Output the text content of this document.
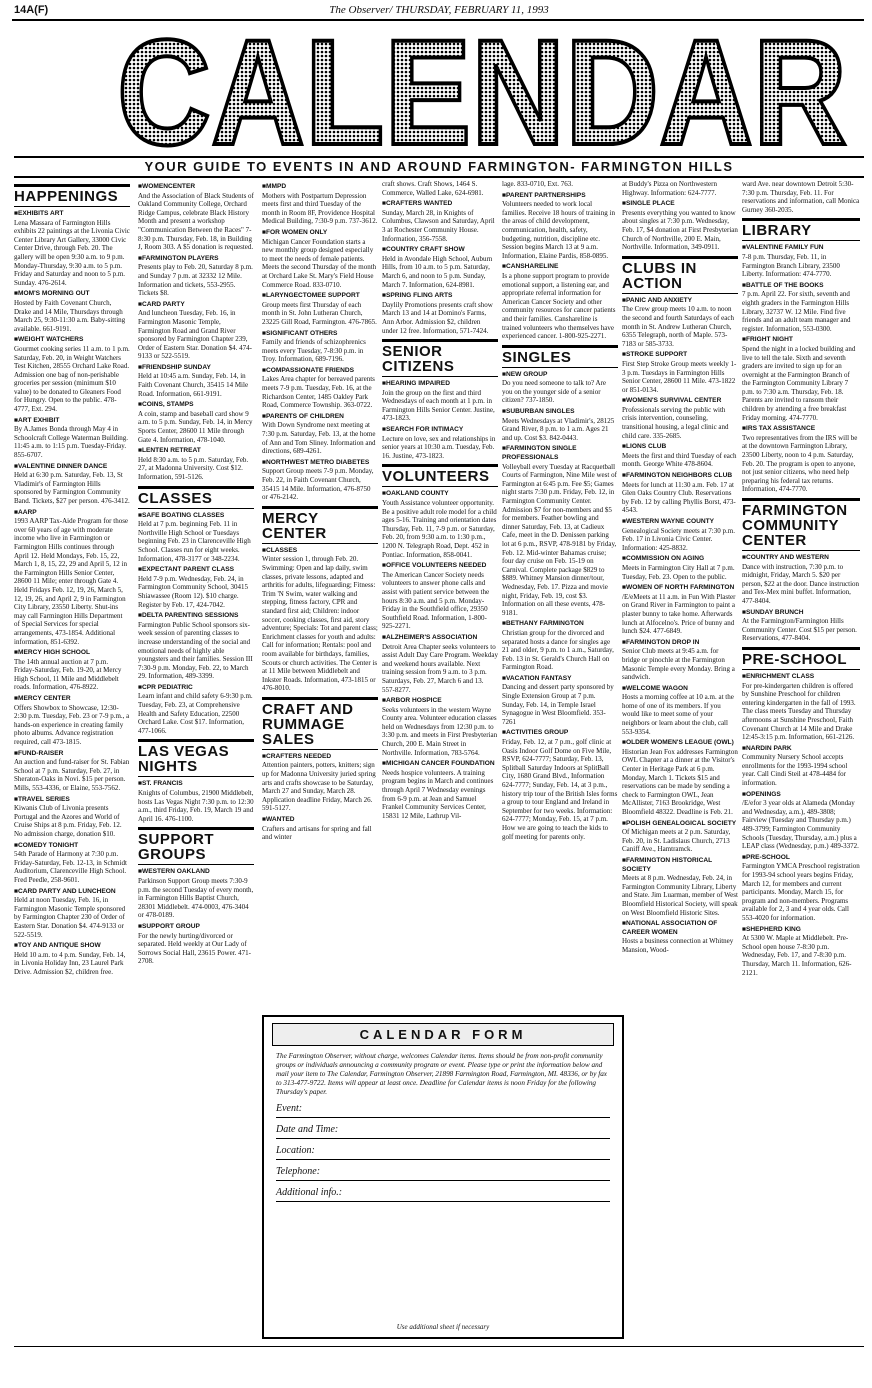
14A(F)	The Observer/ THURSDAY, FEBRUARY 11, 1993
CALENDAR
YOUR GUIDE TO EVENTS IN AND AROUND FARMINGTON- FARMINGTON HILLS
HAPPENINGS

■ EXHIBITS ART
Lena Massara of Farmington Hills exhibits 22 paintings at the Livonia Civic Center Library Art Gallery, 33000 Civic Center Drive, through Feb. 20. The gallery will be open 9:30 a.m. to 9 p.m. Monday-Thursday, 9:30 a.m. to 5 p.m. Friday and Saturday and noon to 5 p.m. Sunday. 476-2614.

■ MOM'S MORNING OUT
Hosted by Faith Covenant Church, Drake and 14 Mile, Thursdays through March 25, 9:30-11:30 a.m. Baby-sitting available. 661-9191.

■ WEIGHT WATCHERS
Gourmet cooking series 11 a.m. to 1 p.m. Saturday, Feb. 20, in Weight Watchers Test Kitchen, 28555 Orchard Lake Road. Admission one bag of non-perishable groceries per session (minimum $10 value) to be donated to Gleaners Food for Hungry. Open to the public. 478-4777, Ext. 294.

■ ART EXHIBIT
By A.James Bonda through May 4 in Schoolcraft College Waterman Building. 11:45 a.m. to 1:15 p.m. Tuesday-Friday. 855-6707.

■ VALENTINE DINNER DANCE
Held at 6:30 p.m. Saturday, Feb. 13, St Vladimir's of Farmington Hills sponsored by Farmington Community Band. Tickets, $27 per person. 476-3412.

■ AARP
1993 AARP Tax-Aide Program for those over 60 years of age with moderate income who live in Farmington or Farmington Hills continues through April 12. Held Mondays, Feb. 15, 22, March 1, 8, 15, 22, 29 and April 5, 12 in the Farmington Hills Senior Center, 28600 11 Mile; enter through Gate 4. Held Fridays Feb. 12, 19, 26, March 5, 12, 19, 26, and April 2, 9 in Farmington City Library, 23550 Liberty. Shut-ins may call Farmington Hills Department of Special Services for special arrangements, 473-1854. Additional information, 851-6392.

■ MERCY HIGH SCHOOL
The 14th annual auction at 7 p.m. Friday-Saturday, Feb. 19-20, at Mercy High School, 11 Mile and Middlebelt roads. Information, 476-8922.

■ MERCY CENTER
Offers Showbox to Showcase, 12:30-2:30 p.m. Tuesday, Feb. 23 or 7-9 p.m., a hands-on experience in creating family photo albums. Advance registration required, call 473-1815.

■ FUND-RAISER
An auction and fund-raiser for St. Fabian School at 7 p.m. Saturday, Feb. 27, in Sheraton-Oaks in Novi. $15 per person. Mills, 553-4336, or Elaine, 553-7562.

■ TRAVEL SERIES
Kiwanis Club of Livonia presents Portugal and the Azores and World of Cruise Ships at 8 p.m. Friday, Feb. 12. No admission charge, donation $10.

■ COMEDY TONIGHT
54th Parade of Harmony at 7:30 p.m. Friday-Saturday, Feb. 12-13, in Schmidt Auditorium, Clarenceville High School. Fred Peedle, 258-9601.

■ CARD PARTY AND LUNCHEON
Held at noon Tuesday, Feb. 16, in Farmington Masonic Temple sponsored by Farmington Chapter 230 of Order of Eastern Star. Donation $4. 474-9133 or 522-5519.

■ TOY AND ANTIQUE SHOW
Held 10 a.m. to 4 p.m. Sunday, Feb. 14, in Livonia Holiday Inn, 23 Laurel Park Drive. Admission $2, children free.

■ WOMENCENTER
And the Association of Black Students of Oakland Community College, Orchard Ridge Campus, celebrate Black History Month and present a workshop "Communication Between the Races" 7-8:30 p.m. Thursday, Feb. 18, in Building J, Room 303. A $5 donation is requested.

■ FARMINGTON PLAYERS
Presents play to Feb. 20, Saturday 8 p.m. and Sunday 7 p.m. at 32332 12 Mile. Information and tickets, 553-2955. Tickets $8.

■ CARD PARTY
And luncheon Tuesday, Feb. 16, in Farmington Masonic Temple, Farmington Road and Grand River sponsored by Farmington Chapter 239, Order of Eastern Star. Donation $4. 474-9133 or 522-5519.

■ FRIENDSHIP SUNDAY
Held at 10:45 a.m. Sunday, Feb. 14, in Faith Covenant Church, 35415 14 Mile Road. Information, 661-9191.

■ COINS, STAMPS
A coin, stamp and baseball card show 9 a.m. to 5 p.m. Sunday, Feb. 14, in Mercy Sports Center, 28600 11 Mile through Gate 4. Information, 478-1040.

■ LENTEN RETREAT
Held 8:30 a.m. to 5 p.m. Saturday, Feb. 27, at Madonna University. Cost $12. Information, 591-5126.

CLASSES

■ SAFE BOATING CLASSES
Held at 7 p.m. beginning Feb. 11 in Northville High School or Tuesdays beginning Feb. 23 in Clarenceville High School. Classes run for eight weeks. Information, 478-3177 or 348-2234.

■ EXPECTANT PARENT CLASS
Held 7-9 p.m. Wednesday, Feb. 24, in Farmington Community School, 30415 Shiawassee (Room 12). $10 charge. Register by Feb. 17, 424-7042.

■ DELTA PARENTING SESSIONS
Farmington Public School sponsors six-week session of parenting classes to increase understanding of the social and emotional needs of highly able youngsters and their families. Session III 7:30-9 p.m. Monday, Feb. 22, to March 29. Information, 489-3399.

■ CPR PEDIATRIC
Learn infant and child safety 6-9:30 p.m. Tuesday, Feb. 23, at Comprehensive Health and Safety Education, 22500 Orchard Lake. Cost $17. Information, 477-1066.

LAS VEGAS NIGHTS

■ ST. FRANCIS
Knights of Columbus, 21900 Middlebelt, hosts Las Vegas Night 7:30 p.m. to 12:30 a.m., third Friday, Feb. 19, March 19 and April 16. 476-1100.

SUPPORT GROUPS

■ WESTERN OAKLAND
Parkinson Support Group meets 7:30-9 p.m. the second Tuesday of every month, in Farmington Hills Baptist Church, 28301 Middlebelt. 474-0003, 476-3404 or 478-0189.

■ SUPPORT GROUP
For the newly hurting/divorced or separated. Held weekly at Our Lady of Sorrows Social Hall, 23615 Power. 471-2708.

■ MMPD
Mothers with Postpartum Depression meets first and third Tuesday of the month in Room 8F, Providence Hospital Medical Building, 7:30-9 p.m. 737-3612.

■ FOR WOMEN ONLY
Michigan Cancer Foundation starts a new monthly group designed especially to meet the needs of female patients. Meets the second Thursday of the month at Orchard Lake St. Mary's Field House Commerce Road. 833-0710.

■ LARYNGECTOMEE SUPPORT
Group meets first Thursday of each month in St. John Lutheran Church, 23225 Gill Road, Farmington. 476-7865.

■ SIGNIFICANT OTHERS
Family and friends of schizophrenics meets every Tuesday, 7-8:30 p.m. in Troy. Information, 689-7196.

■ COMPASSIONATE FRIENDS
Lakes Area chapter for bereaved parents meets 7-9 p.m. Tuesday, Feb. 16, at the Richardson Center, 1485 Oakley Park Road, Commerce Township. 363-0722.

■ PARENTS OF CHILDREN
With Down Syndrome next meeting at 7:30 p.m. Saturday, Feb. 13, at the home of Ann and Tom Sliney. Information and directions, 689-4261.

■ NORTHWEST METRO DIABETES
Support Group meets 7-9 p.m. Monday, Feb. 22, in Faith Covenant Church, 35415 14 Mile. Information, 476-8750 or 476-2142.

MERCY CENTER

■ CLASSES
Winter session 1, through Feb. 20. Swimming: Open and lap daily, swim classes, private lessons, adapted and arthritis for adults, lifeguarding; Fitness: Trim 'N Swim, water walking and stepping, fitness factory, CPR and standard first aid; Children: indoor soccer, cooking classes, first aid, story adventure; Specials: Tot and parent class; Enrichment classes for youth and adults: Call for information; Rentals: pool and room available for birthdays, families, Scouts or church activities. The Center is at 11 Mile between Middlebelt and Inkster Roads. Information, 473-1815 or 476-8010.

CRAFT AND RUMMAGE SALES

■ CRAFTERS NEEDED
Attention painters, potters, knitters; sign up for Madonna University juried spring arts and crafts showcase to be Saturday, March 27 and Sunday, March 28. Application deadline Friday, March 26. 591-5127.

■ WANTED
Crafters and artisans for spring and fall and winter

craft shows. Craft Shows, 1464 S. Commerce, Walled Lake, 624-6981.

■ CRAFTERS WANTED
Sunday, March 28, in Knights of Columbus, Clawson and Saturday, April 3 at Rochester Community House. Information, 356-7558.

■ COUNTRY CRAFT SHOW
Held in Avondale High School, Auburn Hills, from 10 a.m. to 5 p.m. Saturday, March 6, and noon to 5 p.m. Sunday, March 7. Information, 624-8981.

■ SPRING FLING ARTS
Daylily Promotions presents craft show March 13 and 14 at Domino's Farms, Ann Arbor. Admission $2, children under 12 free. Information, 571-7424.

SENIOR CITIZENS

■ HEARING IMPAIRED
Join the group on the first and third Wednesdays of each month at 1 p.m. in Farmington Hills Senior Center. Justine, 473-1823.

■ SEARCH FOR INTIMACY
Lecture on love, sex and relationships in senior years at 10:30 a.m. Tuesday, Feb. 16. Justine, 473-1823.

VOLUNTEERS

■ OAKLAND COUNTY
Youth Assistance volunteer opportunity. Be a positive adult role model for a child ages 5-16. Training and orientation dates Thursday, Feb. 11, 7-9 p.m. or Saturday, Feb. 20, from 9:30 a.m. to 1:30 p.m., 1200 N. Telegraph Road, Dept. 452 in Pontiac. Information, 858-0041.

■ OFFICE VOLUNTEERS NEEDED
The American Cancer Society needs volunteers to answer phone calls and assist with patient service between the hours 8:30 a.m. and 5 p.m. Monday-Friday in the Southfield office, 29350 Southfield Road. Information, 1-800-925-2271.

■ ALZHEIMER'S ASSOCIATION
Detroit Area Chapter seeks volunteers to assist Adult Day Care Program. Weekday and weekend hours available. Next training session from 9 a.m. to 3 p.m. Saturdays, Feb. 27, March 6 and 13. 557-8277.

■ ARBOR HOSPICE
Seeks volunteers in the western Wayne County area. Volunteer education classes held on Wednesdays from 12:30 p.m. to 3:30 p.m. and meets in First Presbyterian Church, 200 E. Main Street in Northville. Information, 783-5764.

■ MICHIGAN CANCER FOUNDATION
Needs hospice volunteers. A training program begins in March and continues through April 7 Wednesday evenings from 6-9 p.m. at Jean and Samuel Frankel Community Services Center, 15831 12 Mile, Lathrup Vil-

lage. 833-0710, Ext. 763.

■ PARENT PARTNERSHIPS
Volunteers needed to work local families. Receive 18 hours of training in the areas of child development, communication, health, safety, budgeting, nutrition, discipline etc. Session begins March 13 at 9 a.m. Information, Elaine Pardis, 858-0895.

■ CANSHARELINE
Is a phone support program to provide emotional support, a listening ear, and appropriate referral information for American Cancer Society and other community resources for cancer patients and their families. Canshareline is trained volunteers who themselves have experienced cancer. 1-800-925-2271.

SINGLES

■ NEW GROUP
Do you need someone to talk to? Are you on the younger side of a senior citizen? 737-1850.

■ SUBURBAN SINGLES
Meets Wednesdays at Vladimir's, 28125 Grand River, 8 p.m. to 1 a.m. Ages 21 and up. Cost $3. 842-0443.

■ FARMINGTON SINGLE PROFESSIONALS
Volleyball every Tuesday at Racquetball Courts of Farmington, Nine Mile west of Farmington at 6:45 p.m. Fee $5; Games night starts 7:30 p.m. Friday, Feb. 12, in Farmington Community Center. Admission $7 for non-members and $5 for members. Feather bowling and dinner Saturday, Feb. 13, at Cadieux Cafe, meet in the D. Denissen parking lot at 6 p.m., RSVP, 478-9181 by Friday, Feb. 12. Mid-winter Bahamas cruise; four day cruise on Feb. 15-19 on Carnival. Complete package $829 to $889. Whitney Mansion dinner/tour, Wednesday, Feb. 17. Pizza and movie night, Friday, Feb. 19, cost $3. Information on all these events, 478-9181.

■ BETHANY FARMINGTON
Christian group for the divorced and separated hosts a dance for singles age 21 and older, 9 p.m. to 1 a.m., Saturday, Feb. 13 in St. Gerald's Church Hall on Farmington Road.

■ VACATION FANTASY
Dancing and dessert party sponsored by Single Extension Group at 7 p.m. Sunday, Feb. 14, in Temple Israel Synagogue in West Bloomfield. 353-7261

■ ACTIVITIES GROUP
Friday, Feb. 12, at 7 p.m., golf clinic at Oasis Indoor Golf Dome on Five Mile, RSVP, 624-7777; Saturday, Feb. 13, Splitball Saturday Indoors at SplitBall City, 1680 Grand Blvd., Information 624-7777; Sunday, Feb. 14, at 3 p.m., history trip tour of the British Isles forms a group to tour England and Ireland in September for two weeks. Information: 624-7777; Monday, Feb. 15, at 7 p.m. How we are going to teach the kids to golf meeting for parents only.

at Buddy's Pizza on Northwestern Highway. Information: 624-7777.

■ SINGLE PLACE
Presents everything you wanted to know about singles at 7:30 p.m. Wednesday, Feb. 17, $4 donation at First Presbyterian Church of Northville, 200 E. Main, Northville. Information, 349-0911.

CLUBS IN ACTION

■ PANIC AND ANXIETY
The Crew group meets 10 a.m. to noon the second and fourth Saturdays of each month in St. Andrew Lutheran Church, 6355 Telegraph, north of Maple. 573-7183 or 585-3733.

■ STROKE SUPPORT
First Step Stroke Group meets weekly 1-3 p.m. Tuesdays in Farmington Hills Senior Center, 28600 11 Mile. 473-1822 or 851-0134.

■ WOMEN'S SURVIVAL CENTER
Professionals serving the public with crisis intervention, counseling, transitional housing, a legal clinic and child care. 335-2685.

■ LIONS CLUB
Meets the first and third Tuesday of each month. George White 478-8604.

■ FARMINGTON NEIGHBORS CLUB
Meets for lunch at 11:30 a.m. Feb. 17 at Glen Oaks Country Club. Reservations by Feb. 12 by calling Phyllis Borst, 473-4543.

■ WESTERN WAYNE COUNTY
Genealogical Society meets at 7:30 p.m. Feb. 17 in Livonia Civic Center. Information: 425-8832.

■ COMMISSION ON AGING
Meets in Farmington City Hall at 7 p.m. Tuesday, Feb. 23. Open to the public.

■ WOMEN OF NORTH FARMINGTON
/E/eMeets at 11 a.m. in Fun With Plaster on Grand River in Farmington to paint a plaster bunny to take home. Afterwards lunch at Alfocelno's. Price of bunny and lunch $24. 477-6849.

■ FARMINGTON DROP IN
Senior Club meets at 9:45 a.m. for bridge or pinochle at the Farmington Masonic Temple every Monday. Bring a sandwich.

■ WELCOME WAGON
Hosts a morning coffee at 10 a.m. at the home of one of its members. If you would like to meet some of your neighbors or learn about the club, call 553-9354.

■ OLDER WOMEN'S LEAGUE (OWL)
Historian Jean Fox addresses Farmington OWL Chapter at a dinner at the Visitor's Center in Heritage Park at 6 p.m. Monday, March 1. Tickets $15 and reservations can be made by sending a check to Farmington OWL, Jean McAllister, 7163 Brookridge, West Bloomfield 48322. Deadline is Feb. 21.

■ POLISH GENEALOGICAL SOCIETY
Of Michigan meets at 2 p.m. Saturday, Feb. 20, in St. Ladislaus Church, 2713 Caniff Ave., Hamtramck.

■ FARMINGTON HISTORICAL SOCIETY
Meets at 8 p.m. Wednesday, Feb. 24, in Farmington Community Library, Liberty and State. Jim Luarman, member of West Bloomfield Historical Society, will speak on West Bloomfield Historic Sites.

■ NATIONAL ASSOCIATION OF CAREER WOMEN
Hosts a business connection at Whitney Mansion, Wood-

ward Ave. near downtown Detroit 5:30-7:30 p.m. Thursday, Feb. 11. For reservations and information, call Monica Gurney 360-2035.

LIBRARY

■ VALENTINE FAMILY FUN
7-8 p.m. Thursday, Feb. 11, in Farmington Branch Library, 23500 Liberty. Information: 474-7770.

■ BATTLE OF THE BOOKS
7 p.m. April 22. For sixth, seventh and eighth graders in the Farmington Hills Library, 32737 W. 12 Mile. Find five friends and an adult team manager and register. Information, 553-0300.

■ FRIGHT NIGHT
Spend the night in a locked building and live to tell the tale. Sixth and seventh graders are invited to sign up for an overnight at the Farmington Branch of the Farmington Community Library 7 p.m. to 7:30 a.m. Thursday, Feb. 18. Parents are invited to ransom their children by attending a free breakfast Friday morning. 474-7770.

■ IRS TAX ASSISTANCE
Two representatives from the IRS will be at the downtown Farmington Library, 23500 Liberty, noon to 4 p.m. Saturday, Feb. 20. The program is open to anyone, not just senior citizens, who need help preparing his federal tax returns. Information, 474-7770.

FARMINGTON COMMUNITY CENTER

■ COUNTRY AND WESTERN
Dance with instruction, 7:30 p.m. to midnight, Friday, March 5. $20 per person, $22 at the door. Dance instruction and Tex-Mex mini buffet. Information, 477-8404.

■ SUNDAY BRUNCH
At the Farmington/Farmington Hills Community Center. Cost $15 per person. Reservations, 477-8404.

PRE-SCHOOL

■ ENRICHMENT CLASS
For pre-kindergarten children is offered by Sunshine Preschool for children entering kindergarten in the fall of 1993. The class meets Tuesday and Thursday afternoons at Sunshine Preschool, Faith Covenant Church at 14 Mile and Drake 12:45-3:15 p.m. Information, 661-2126.

■ NARDIN PARK
Community Nursery School accepts enrollments for the 1993-1994 school year. Call Cindi Steil at 478-4484 for information.

■ OPENINGS
/E/efor 3 year olds at Alameda (Monday and Wednesday, a.m.), 489-3808; Fairview (Tuesday and Thursday p.m.) 489-3799; Farmington Community Schools (Tuesday, Thursday, a.m.) plus a LEAP class (Wednesday, p.m.) 489-3372.

■ PRE-SCHOOL
Farmington YMCA Preschool registration for 1993-94 school years begins Friday, March 12, for members and current participants. Monday, March 15, for program and non-members. Programs available for 2, 3 and 4 year olds. Call 553-4020 for information.

■ SHEPHERD KING
At 5300 W. Maple at Middlebelt. Pre-School open house 7-8:30 p.m. Wednesday, Feb. 17, and 7-8:30 p.m. Thursday, March 11. Information, 626-2121.

CALENDAR FORM
The Farmington Observer, without charge, welcomes Calendar items. Items should be from non-profit community groups or individuals announcing a community program or event. Please type or print the information below and mail your item to The Calendar, Farmington Observer, 21898 Farmington Road, Farmington, MI. 48336, or by fax to 313-477-9722. Items will appear at least once. Deadline for Calendar items is noon Friday for the following Thursday's paper.
Event:
Date and Time:
Location:
Telephone:
Additional info.:
Use additional sheet if necessary
